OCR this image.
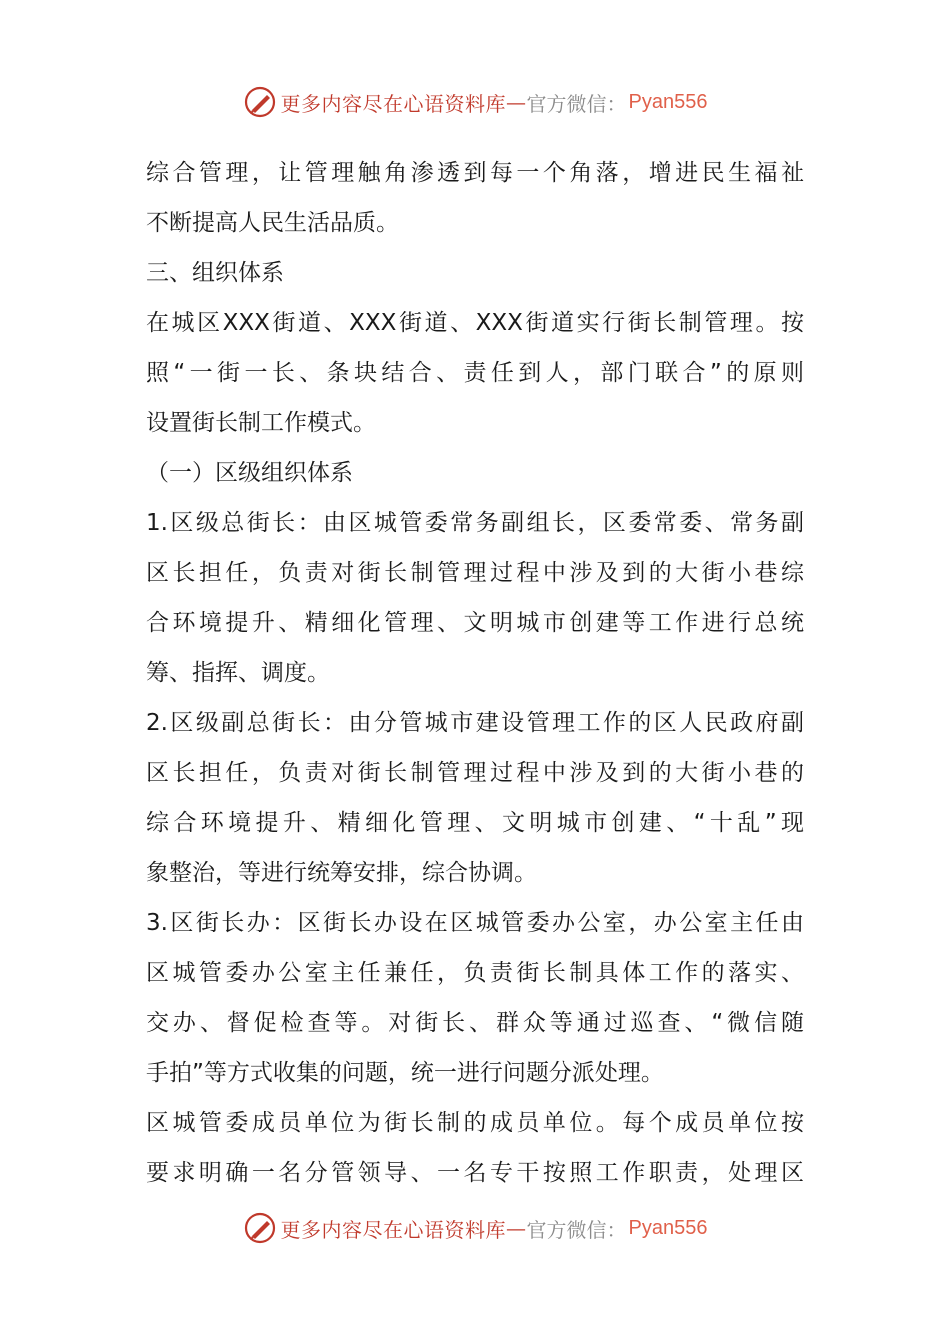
更多内容尽在心语资料库 — 官方微信： Pyan556
综合管理，让管理触角渗透到每一个角落，增进民生福祉
不断提高人民生活品质。
三、组织体系
在城区XXX街道、XXX街道、XXX街道实行街长制管理。按
照“一街一长、条块结合、责任到人，部门联合”的原则
设置街长制工作模式。
（一）区级组织体系
1.区级总街长：由区城管委常务副组长，区委常委、常务副
区长担任，负责对街长制管理过程中涉及到的大街小巷综
合环境提升、精细化管理、文明城市创建等工作进行总统
筹、指挥、调度。
2.区级副总街长：由分管城市建设管理工作的区人民政府副
区长担任，负责对街长制管理过程中涉及到的大街小巷的
综合环境提升、精细化管理、文明城市创建、“十乱”现
象整治，等进行统筹安排，综合协调。
3.区街长办：区街长办设在区城管委办公室，办公室主任由
区城管委办公室主任兼任，负责街长制具体工作的落实、
交办、督促检查等。对街长、群众等通过巡查、“微信随
手拍”等方式收集的问题，统一进行问题分派处理。
区城管委成员单位为街长制的成员单位。每个成员单位按
要求明确一名分管领导、一名专干按照工作职责，处理区
更多内容尽在心语资料库 — 官方微信： Pyan556
